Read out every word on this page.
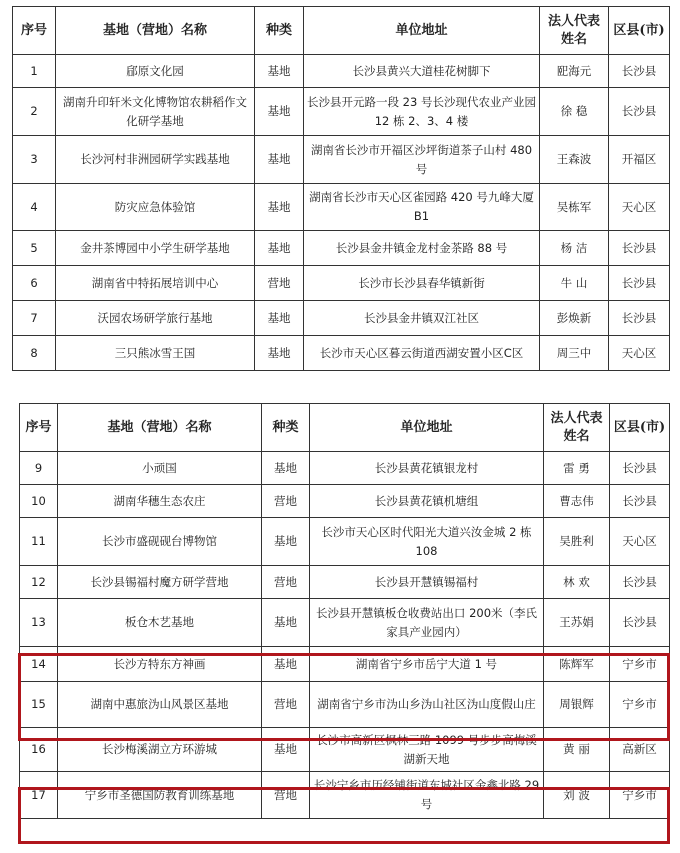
序号	基地（营地）名称	种类	单位地址	法人代表姓名	区县(市)
1	郈原文化园	基地	长沙县黄兴大道桂花树脚下	巸海元	长沙县
2	湖南升印轩米文化博物馆农耕稻作文化研学基地	基地	长沙县开元路一段 23 号长沙现代农业产业园 12 栋 2、3、4 楼	徐 稳	长沙县
3	长沙河村非洲园研学实践基地	基地	湖南省长沙市开福区沙坪街道茶子山村 480 号	王森波	开福区
4	防灾应急体验馆	基地	湖南省长沙市天心区雀园路 420 号九峰大厦 B1	吴栋军	天心区
5	金井茶博园中小学生研学基地	基地	长沙县金井镇金龙村金茶路 88 号	杨 洁	长沙县
6	湖南省中特拓展培训中心	营地	长沙市长沙县春华镇新街	牛 山	长沙县
7	沃园农场研学旅行基地	基地	长沙县金井镇双江社区	彭焕新	长沙县
8	三只熊冰雪王国	基地	长沙市天心区暮云街道西湖安置小区C区	周三中	天心区
序号	基地（营地）名称	种类	单位地址	法人代表姓名	区县(市)
9	小顽国	基地	长沙县黄花镇银龙村	雷 勇	长沙县
10	湖南华穗生态农庄	营地	长沙县黄花镇机塘组	曹志伟	长沙县
11	长沙市盛砚砚台博物馆	基地	长沙市天心区时代阳光大道兴汝金城 2 栋 108	吴胜利	天心区
12	长沙县锡福村魔方研学营地	营地	长沙县开慧镇锡福村	林 欢	长沙县
13	板仓木艺基地	基地	长沙县开慧镇板仓收费站出口 200米（李氏家具产业园内）	王苏娟	长沙县
14	长沙方特东方神画	基地	湖南省宁乡市岳宁大道 1 号	陈辉军	宁乡市
15	湖南中惠旅沩山风景区基地	营地	湖南省宁乡市沩山乡沩山社区沩山度假山庄	周银辉	宁乡市
16	长沙梅溪湖立方环游城	基地	长沙市高新区枫林三路 1099 号步步高梅溪湖新天地	黄 丽	高新区
17	宁乡市圣德国防教育训练基地	营地	长沙宁乡市历经铺街道东城社区金鑫北路 29 号	刘 波	宁乡市
